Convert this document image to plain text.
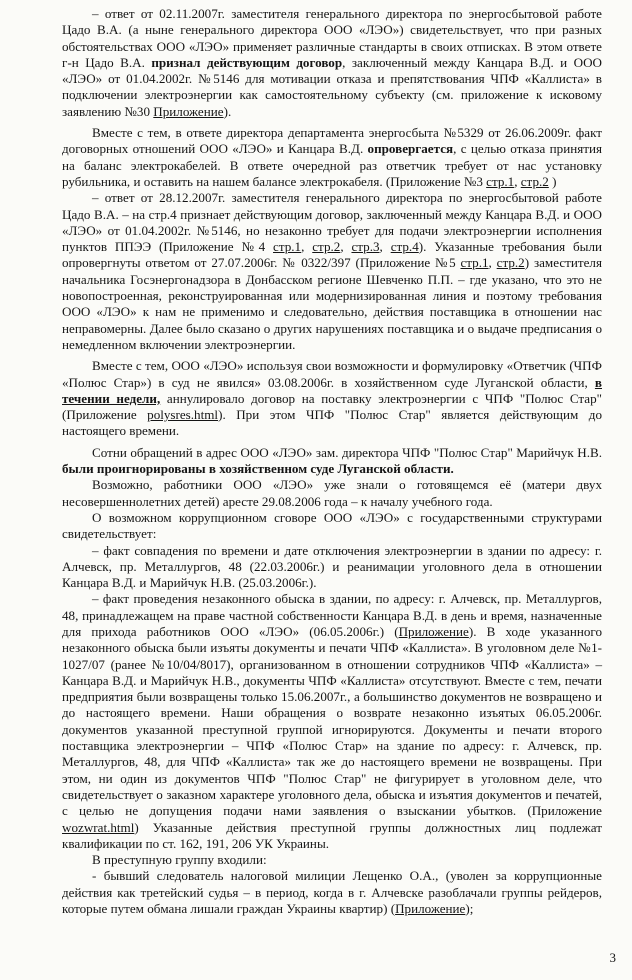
– ответ от 02.11.2007г. заместителя генерального директора по энергосбытовой работе Цадо В.А. (а ныне генерального директора ООО «ЛЭО») свидетельствует, что при разных обстоятельствах ООО «ЛЭО» применяет различные стандарты в своих отписках. В этом ответе г-н Цадо В.А. признал действующим договор, заключенный между Канцара В.Д. и ООО «ЛЭО» от 01.04.2002г. №5146 для мотивации отказа и препятствования ЧПФ «Каллиста» в подключении электроэнергии как самостоятельному субъекту (см. приложение к исковому заявлению №30 Приложение).

Вместе с тем, в ответе директора департамента энергосбыта №5329 от 26.06.2009г. факт договорных отношений ООО «ЛЭО» и Канцара В.Д. опровергается, с целью отказа принятия на баланс электрокабелей. В ответе очередной раз ответчик требует от нас установку рубильника, и оставить на нашем балансе электрокабеля. (Приложение №3 стр.1, стр.2 )

– ответ от 28.12.2007г. заместителя генерального директора по энергосбытовой работе Цадо В.А. – на стр.4 признает действующим договор, заключенный между Канцара В.Д. и ООО «ЛЭО» от 01.04.2002г. №5146, но незаконно требует для подачи электроэнергии исполнения пунктов ППЭЭ (Приложение №4 стр.1, стр.2, стр.3, стр.4). Указанные требования были опровергнуты ответом от 27.07.2006г. № 0322/397 (Приложение №5 стр.1, стр.2) заместителя начальника Госэнергонадзора в Донбасском регионе Шевченко П.П. – где указано, что это не новопостроенная, реконструированная или модернизированная линия и поэтому требования ООО «ЛЭО» к нам не применимо и следовательно, действия поставщика в отношении нас неправомерны. Далее было сказано о других нарушениях поставщика и о выдаче предписания о немедленном включении электроэнергии.

Вместе с тем, ООО «ЛЭО» используя свои возможности и формулировку «Ответчик (ЧПФ «Полюс Стар») в суд не явился» 03.08.2006г. в хозяйственном суде Луганской области, в течении недели, аннулировало договор на поставку электроэнергии с ЧПФ "Полюс Стар" (Приложение polysres.html). При этом ЧПФ "Полюс Стар" является действующим до настоящего времени.

Сотни обращений в адрес ООО «ЛЭО» зам. директора ЧПФ "Полюс Стар" Марийчук Н.В. были проигнорированы в хозяйственном суде Луганской области.

Возможно, работники ООО «ЛЭО» уже знали о готовящемся её (матери двух несовершеннолетних детей) аресте 29.08.2006 года – к началу учебного года.

О возможном коррупционном сговоре ООО «ЛЭО» с государственными структурами свидетельствует:

– факт совпадения по времени и дате отключения электроэнергии в здании по адресу: г. Алчевск, пр. Металлургов, 48 (22.03.2006г.) и реанимации уголовного дела в отношении Канцара В.Д. и Марийчук Н.В. (25.03.2006г.).

– факт проведения незаконного обыска в здании, по адресу: г. Алчевск, пр. Металлургов, 48, принадлежащем на праве частной собственности Канцара В.Д. в день и время, назначенные для прихода работников ООО «ЛЭО» (06.05.2006г.) (Приложение). В ходе указанного незаконного обыска были изъяты документы и печати ЧПФ «Каллиста». В уголовном деле №1-1027/07 (ранее №10/04/8017), организованном в отношении сотрудников ЧПФ «Каллиста» – Канцара В.Д. и Марийчук Н.В., документы ЧПФ «Каллиста» отсутствуют. Вместе с тем, печати предприятия были возвращены только 15.06.2007г., а большинство документов не возвращено и до настоящего времени. Наши обращения о возврате незаконно изъятых 06.05.2006г. документов указанной преступной группой игнорируются. Документы и печати второго поставщика электроэнергии – ЧПФ «Полюс Стар» на здание по адресу: г. Алчевск, пр. Металлургов, 48, для ЧПФ «Каллиста» так же до настоящего времени не возвращены. При этом, ни один из документов ЧПФ "Полюс Стар" не фигурирует в уголовном деле, что свидетельствует о заказном характере уголовного дела, обыска и изъятия документов и печатей, с целью не допущения подачи нами заявления о взыскании убытков. (Приложение wozwrat.html) Указанные действия преступной группы должностных лиц подлежат квалификации по ст. 162, 191, 206 УК Украины.

В преступную группу входили:

- бывший следователь налоговой милиции Лещенко О.А., (уволен за коррупционные действия как третейский судья – в период, когда в г. Алчевске разоблачали группы рейдеров, которые путем обмана лишали граждан Украины квартир) (Приложение);

3
